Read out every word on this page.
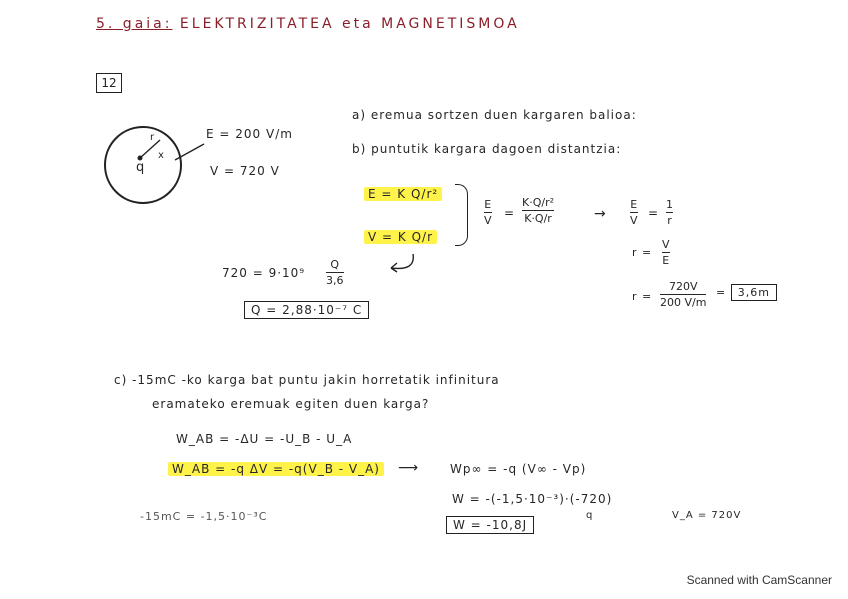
5. gaia: ELEKTRIZITATEA eta MAGNETISMOA
12
q
x
r	E = 200 V/m
V = 720 V
a) eremua sortzen duen kargaren balioa:
b) puntutik kargara dagoen distantzia:
E = K Q/r²
V = K Q/r
E
V
=
K·Q/r²
K·Q/r	→
E
V
=
1
r
r =
V
E
r =
720V
200 V/m
= 3,6m
720 = 9·10⁹
Q
3,6
Q = 2,88·10⁻⁷ C
c) -15mC -ko karga bat puntu jakin horretatik infinitura
eramateko eremuak egiten duen karga?
W_AB = -ΔU = -U_B - U_A
W_AB = -q ΔV = -q(V_B - V_A) ⟶	Wp∞ = -q (V∞ - Vp)
W = -(-1,5·10⁻³)·(-720)
q	V_A = 720V
-15mC = -1,5·10⁻³C
W = -10,8J
Scanned with CamScanner
